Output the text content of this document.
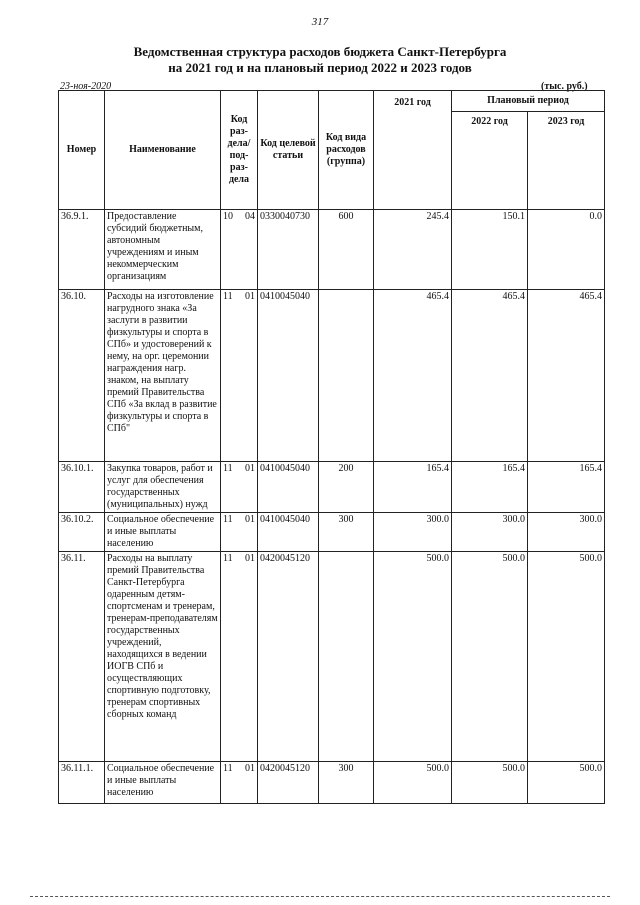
317
Ведомственная структура расходов бюджета Санкт-Петербурга
на 2021 год и на плановый период 2022 и 2023 годов
23-ноя-2020	(тыс. руб.)
Номер	Наименование	Код раз-дела/ под-раз-дела	Код целевой статьи	Код вида расходов (группа)	2021 год	Плановый период	
						2022 год	2023 год
36.9.1.	Предоставление субсидий бюджетным, автономным учреждениям и иным некоммерческим организациям	10 04	0330040730	600	245.4	150.1	0.0
36.10.	Расходы на изготовление нагрудного знака «За заслуги в развитии физкультуры и спорта в СПб» и удостоверений к нему, на орг. церемонии награждения нагр. знаком, на выплату премий Правительства СПб «За вклад в развитие физкультуры и спорта в СПб"	11 01	0410045040		465.4	465.4	465.4
36.10.1.	Закупка товаров, работ и услуг для обеспечения государственных (муниципальных) нужд	11 01	0410045040	200	165.4	165.4	165.4
36.10.2.	Социальное обеспечение и иные выплаты населению	11 01	0410045040	300	300.0	300.0	300.0
36.11.	Расходы на выплату премий Правительства Санкт-Петербурга одаренным детям-спортсменам и тренерам, тренерам-преподавателям государственных учреждений, находящихся в ведении ИОГВ СПб и осуществляющих спортивную подготовку, тренерам спортивных сборных команд	11 01	0420045120		500.0	500.0	500.0
36.11.1.	Социальное обеспечение и иные выплаты населению	11 01	0420045120	300	500.0	500.0	500.0
